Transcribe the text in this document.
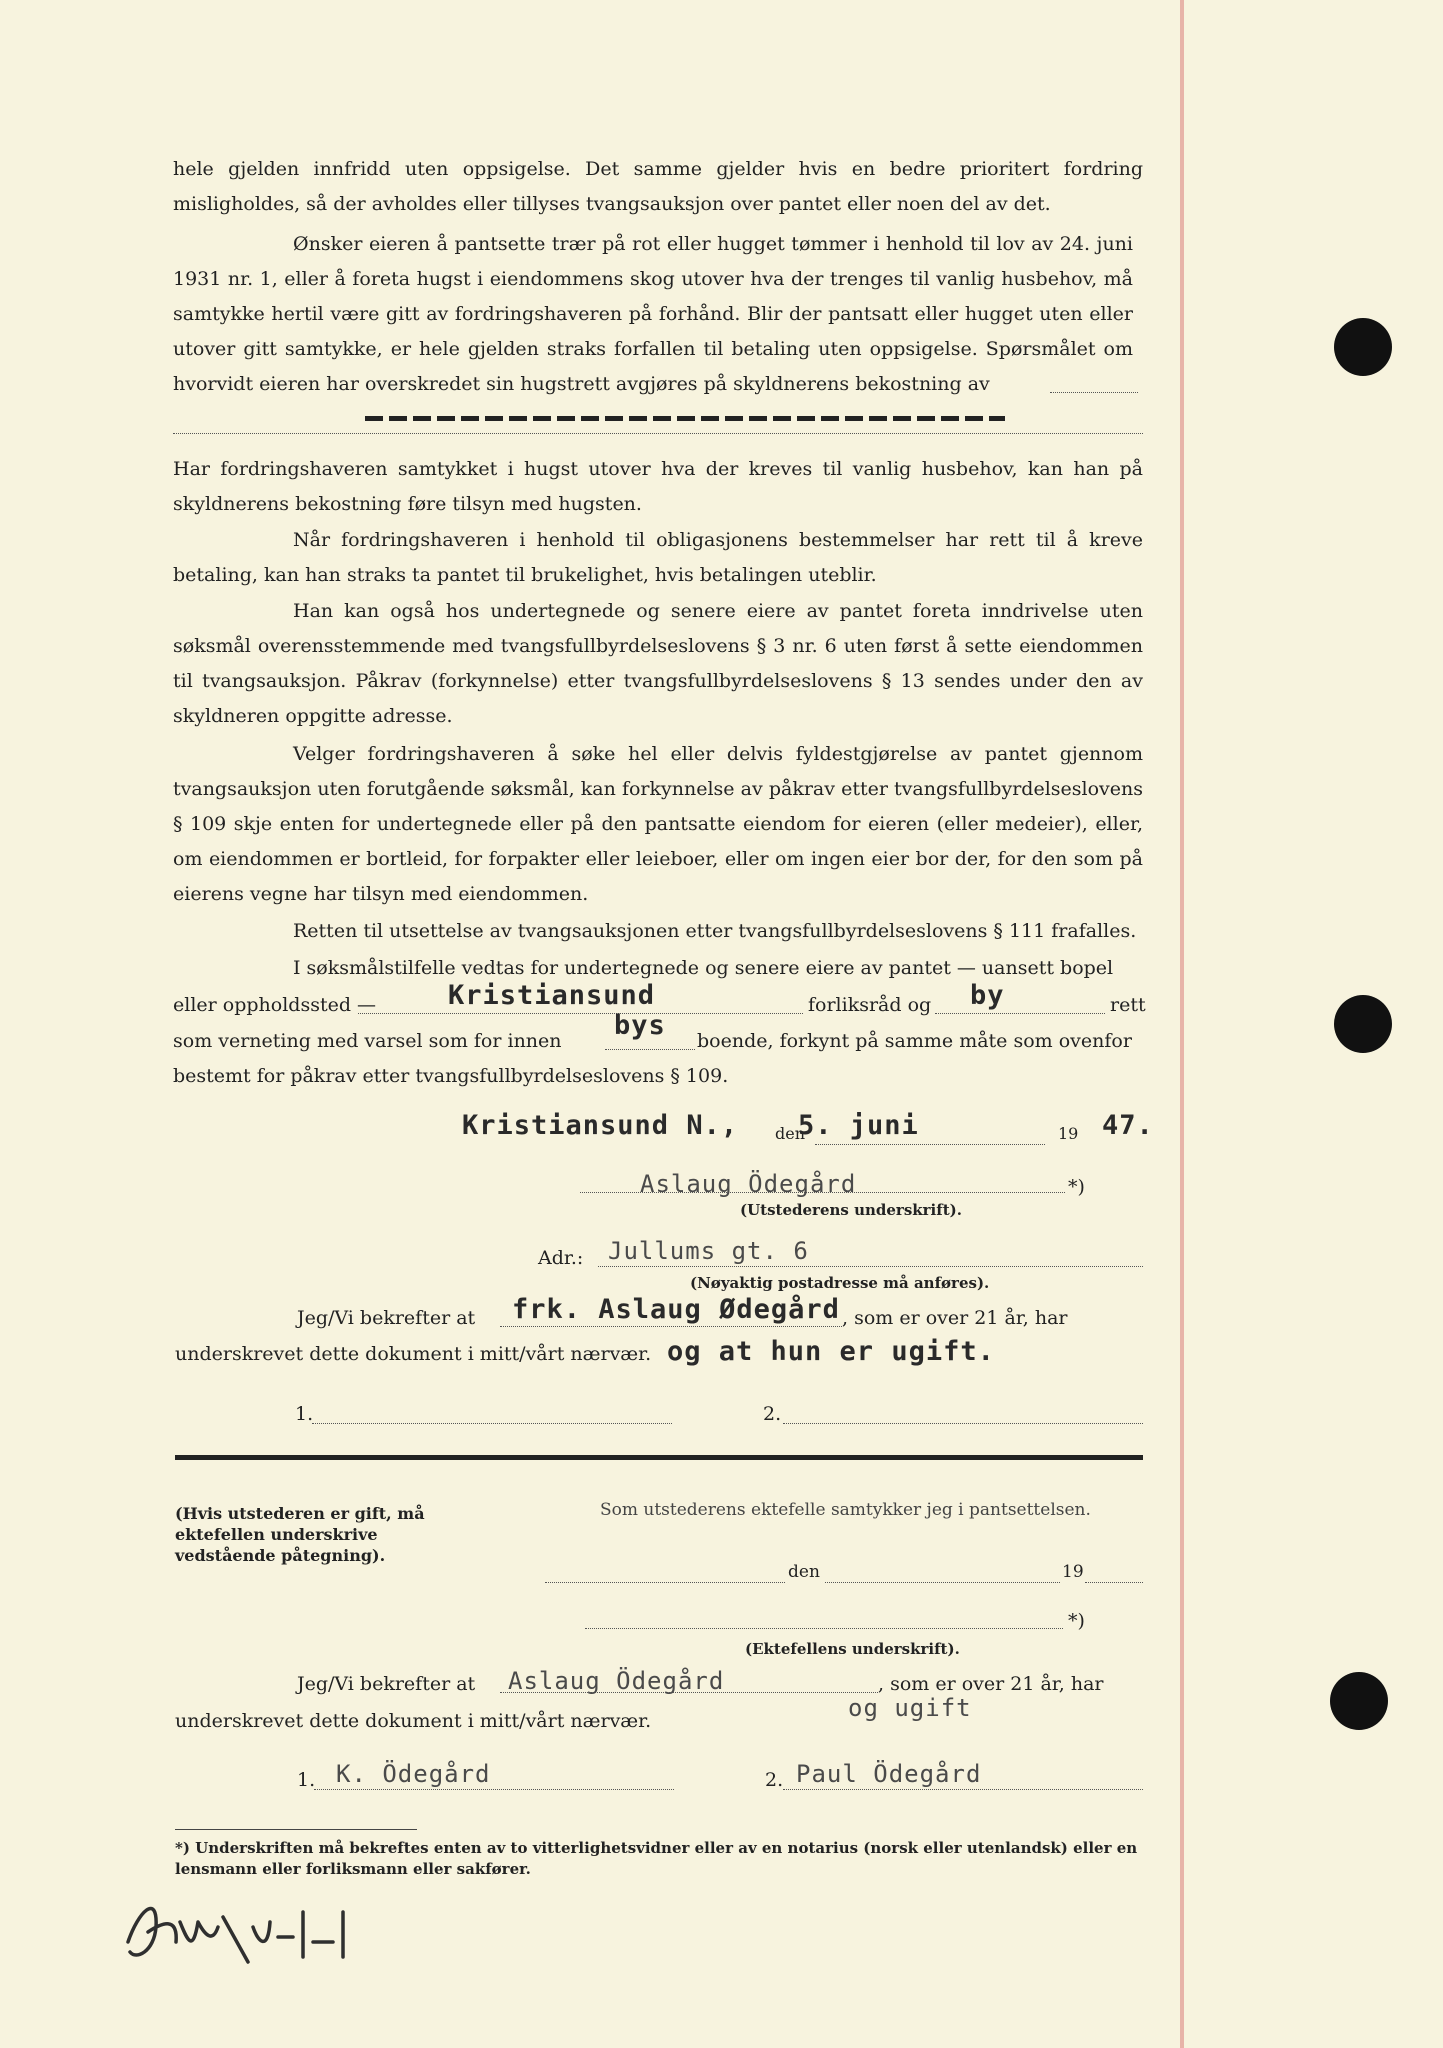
hele gjelden innfridd uten oppsigelse. Det samme gjelder hvis en bedre prioritert fordring misligholdes, så der avholdes eller tillyses tvangsauksjon over pantet eller noen del av det.

Ønsker eieren å pantsette trær på rot eller hugget tømmer i henhold til lov av 24. juni 1931 nr. 1, eller å foreta hugst i eiendommens skog utover hva der trenges til vanlig husbehov, må samtykke hertil være gitt av fordringshaveren på forhånd. Blir der pantsatt eller hugget uten eller utover gitt samtykke, er hele gjelden straks forfallen til betaling uten oppsigelse. Spørsmålet om hvorvidt eieren har overskredet sin hugstrett avgjøres på skyldnerens bekostning av

Har fordringshaveren samtykket i hugst utover hva der kreves til vanlig husbehov, kan han på skyldnerens bekostning føre tilsyn med hugsten.

Når fordringshaveren i henhold til obligasjonens bestemmelser har rett til å kreve betaling, kan han straks ta pantet til brukelighet, hvis betalingen uteblir.

Han kan også hos undertegnede og senere eiere av pantet foreta inndrivelse uten søksmål overensstemmende med tvangsfullbyrdelseslovens § 3 nr. 6 uten først å sette eiendommen til tvangsauksjon. Påkrav (forkynnelse) etter tvangsfullbyrdelseslovens § 13 sendes under den av skyldneren oppgitte adresse.

Velger fordringshaveren å søke hel eller delvis fyldestgjørelse av pantet gjennom tvangsauksjon uten forutgående søksmål, kan forkynnelse av påkrav etter tvangsfullbyrdelseslovens § 109 skje enten for undertegnede eller på den pantsatte eiendom for eieren (eller medeier), eller, om eiendommen er bortleid, for forpakter eller leieboer, eller om ingen eier bor der, for den som på eierens vegne har tilsyn med eiendommen.

Retten til utsettelse av tvangsauksjonen etter tvangsfullbyrdelseslovens § 111 frafalles.

I søksmålstilfelle vedtas for undertegnede og senere eiere av pantet — uansett bopel

eller oppholdssted —	Kristiansund	forliksråd og by	rett
som verneting med varsel som for innen bys boende, forkynt på samme måte som ovenfor
bestemt for påkrav etter tvangsfullbyrdelseslovens § 109.
Kristiansund N., den
5. juni	19 47.
Aslaug Ödegård	*)
(Utstederens underskrift).
Adr.: Jullums gt. 6
(Nøyaktig postadresse må anføres).
Jeg/Vi bekrefter at frk. Aslaug Ødegård , som er over 21 år, har
underskrevet dette dokument i mitt/vårt nærvær. og at hun er ugift.
1.	2.
(Hvis utstederen er gift, må ektefellen underskrive vedstående påtegning).
Som utstederens ektefelle samtykker jeg i pantsettelsen.
den	19
*)
(Ektefellens underskrift).
Jeg/Vi bekrefter at Aslaug Ödegård	, som er over 21 år, har
og ugift
underskrevet dette dokument i mitt/vårt nærvær.
1. K. Ödegård	2. Paul Ödegård
*) Underskriften må bekreftes enten av to vitterlighetsvidner eller av en notarius (norsk eller utenlandsk) eller en lensmann eller forliksmann eller sakfører.
